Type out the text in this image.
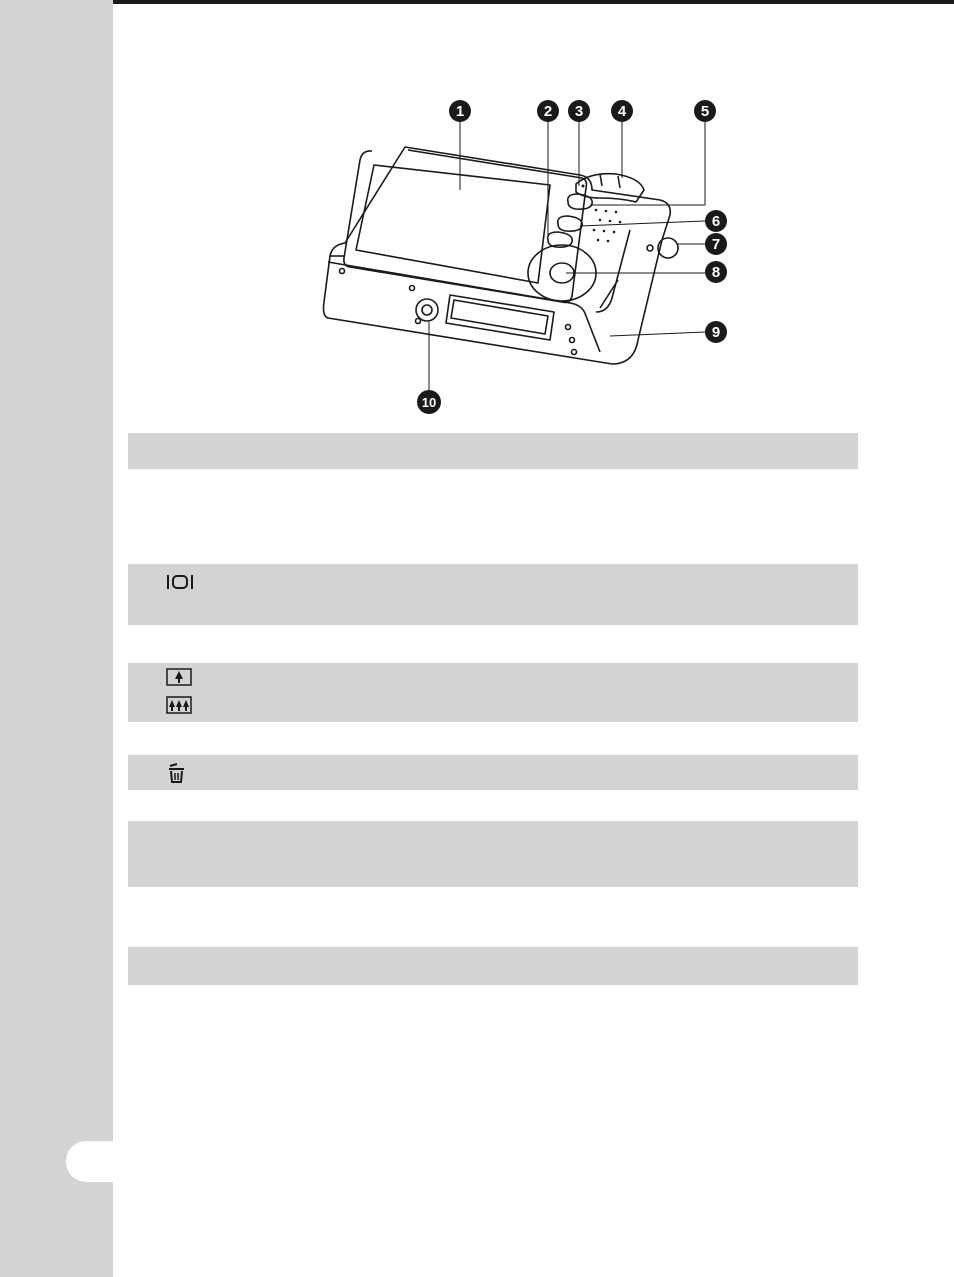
1	2 3 4	5
6
7
8
9
10
